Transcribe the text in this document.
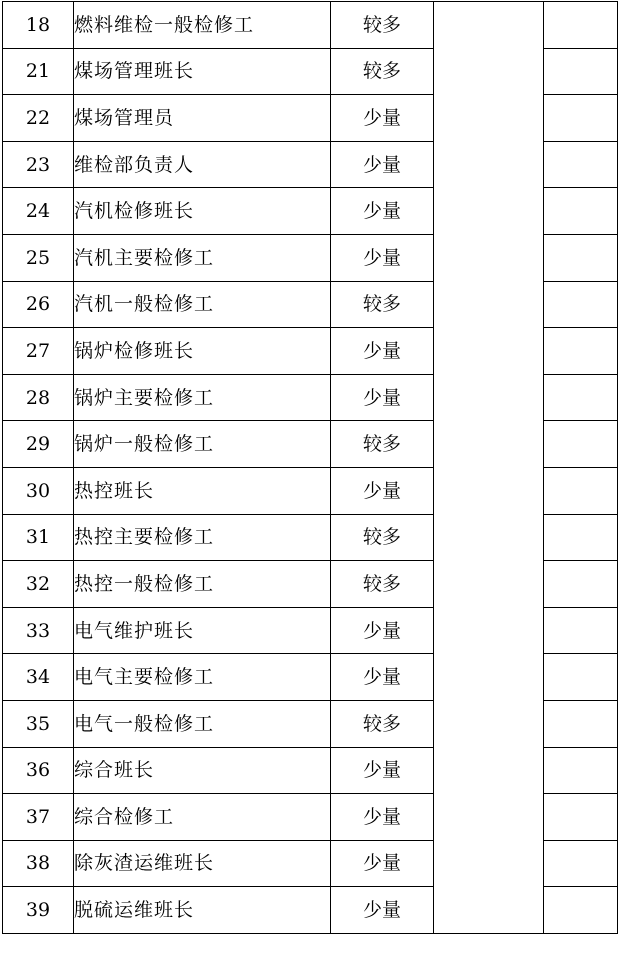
18	燃料维检一般检修工	较多		
21	煤场管理班长	较多		
22	煤场管理员	少量		
23	维检部负责人	少量		
24	汽机检修班长	少量		
25	汽机主要检修工	少量		
26	汽机一般检修工	较多		
27	锅炉检修班长	少量		
28	锅炉主要检修工	少量		
29	锅炉一般检修工	较多		
30	热控班长	少量		
31	热控主要检修工	较多		
32	热控一般检修工	较多		
33	电气维护班长	少量		
34	电气主要检修工	少量		
35	电气一般检修工	较多		
36	综合班长	少量		
37	综合检修工	少量		
38	除灰渣运维班长	少量		
39	脱硫运维班长	少量		
